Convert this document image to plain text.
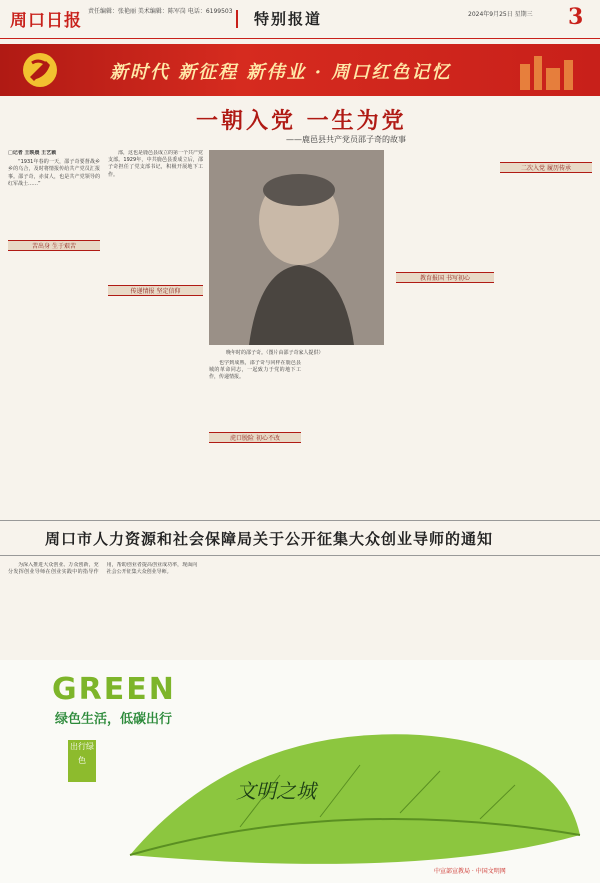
周口日报 责任编辑：张艳丽 美术编辑：陈军岗 电话：6199503 特别报道	2024年9月25日 星期三 3
新时代 新征程 新伟业 · 周口红色记忆
一朝入党 一生为党
——鹿邑县共产党员邵子奇的故事

□记者 王映晨 王艺颖

“1931年春的一天，邵子奇要督战乡乡的乌合，及时将情报传给共产党员汇报事。邵子奇，赤贫人，也是共产党领导的红军战士……”

苦出身 生于艰苦

部，这也是鹿邑县成立的第一个共产党支部。1929年，中共鹿邑县委成立后，邵子奇担任了党支部书记，积极开展地下工作。

传递情报 坚定信仰
晚年时的邵子奇。（图片由邵子奇家人提供）

也学到成熟，邵子奇与同样在鹿邑县城的革命同志，一起致力于党的地下工作，传递情报。

虎口脱险 初心不改
教育报国 书写初心
二次入党 履历传承
周口市人力资源和社会保障局关于公开征集大众创业导师的通知

为深入推进大众创业、万众创新，充分发挥创业导师在创业实践中的指导作用，帮助创业者提高创业成功率，现面向社会公开征集大众创业导师。

GREEN
绿色生活，低碳出行
出行绿色
文明之城
中宣部宣教局 · 中国文明网
